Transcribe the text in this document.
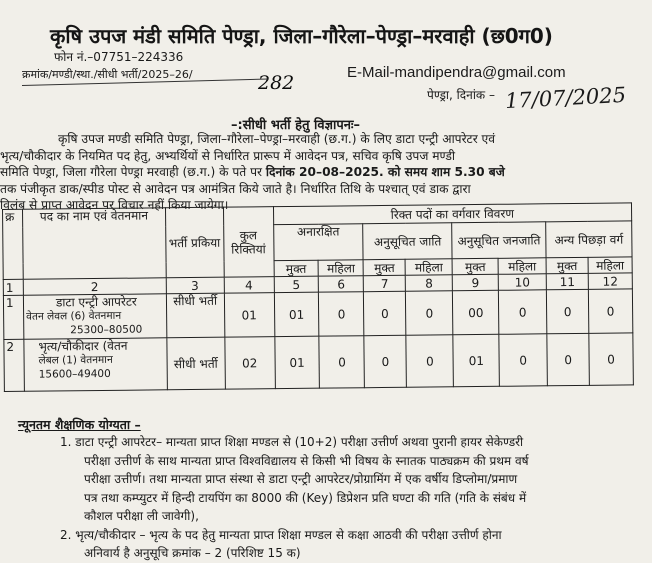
कृषि उपज मंडी समिति पेण्ड्रा, जिला–गौरेला–पेण्ड्रा–मरवाही (छ0ग0)
फोन नं.–07751–224336
E-Mail-mandipendra@gmail.com
क्रमांक/मण्डी/स्था./सीधी भर्ती/2025–26/	282
पेण्ड्रा, दिनांक – 17/07/2025
–:सीधी भर्ती हेतु विज्ञापनः–
कृषि उपज मण्डी समिति पेण्ड्रा, जिला–गौरेला–पेण्ड्रा–मरवाही (छ.ग.) के लिए डाटा एन्ट्री आपरेटर एवं
भृत्य/चौकीदार के नियमित पद हेतु, अभ्यर्थियों से निर्धारित प्रारूप में आवेदन पत्र, सचिव कृषि उपज मण्डी
समिति पेण्ड्रा, जिला गौरेला पेण्ड्रा मरवाही (छ.ग.) के पते पर दिनांक 20–08–2025. को समय शाम 5.30 बजे
तक पंजीकृत डाक/स्पीड पोस्ट से आवेदन पत्र आमंत्रित किये जाते है। निर्धारित तिथि के पश्चात् एवं डाक द्वारा
विलंब से प्राप्त आवेदन पर विचार नहीं किया जायेगा।
क्र	पद का नाम एवं वेतनमान	भर्ती प्रकिया	कुल रिक्तियां	रिक्त पदों का वर्गवार विवरण							
				अनारक्षित		अनुसूचित जाति		अनुसूचित जनजाति		अन्य पिछड़ा वर्ग	
				मुक्त	महिला	मुक्त	महिला	मुक्त	महिला	मुक्त	महिला
1	2	3	4	5	6	7	8	9	10	11	12
1	डाटा एन्ट्री आपरेटर
वेतन लेवल (6) वेतनमान
25300–80500	सीधी भर्ती	01	01	0	0	0	00	0	0	0
2	भृत्य/चौकीदार (वेतन
लेबल (1) वेतनमान
15600–49400	सीधी भर्ती	02	01	0	0	0	01	0	0	0
न्यूनतम शैक्षणिक योग्यता –
1. डाटा एन्ट्री आपरेटर– मान्यता प्राप्त शिक्षा मण्डल से (10+2) परीक्षा उत्तीर्ण अथवा पुरानी हायर सेकेण्डरी
परीक्षा उत्तीर्ण के साथ मान्यता प्राप्त विश्वविद्यालय से किसी भी विषय के स्नातक पाठ्यक्रम की प्रथम वर्ष
परीक्षा उत्तीर्ण। तथा मान्यता प्राप्त संस्था से डाटा एन्ट्री आपरेटर/प्रोग्रामिंग में एक वर्षीय डिप्लोमा/प्रमाण
पत्र तथा कम्प्युटर में हिन्दी टायपिंग का 8000 की (Key) डिप्रेशन प्रति घण्टा की गति (गति के संबंध में
कौशल परीक्षा ली जावेगी),
2. भृत्य/चौकीदार – भृत्य के पद हेतु मान्यता प्राप्त शिक्षा मण्डल से कक्षा आठवी की परीक्षा उत्तीर्ण होना
अनिवार्य है अनुसूचि क्रमांक – 2 (परिशिष्ट 15 क)
